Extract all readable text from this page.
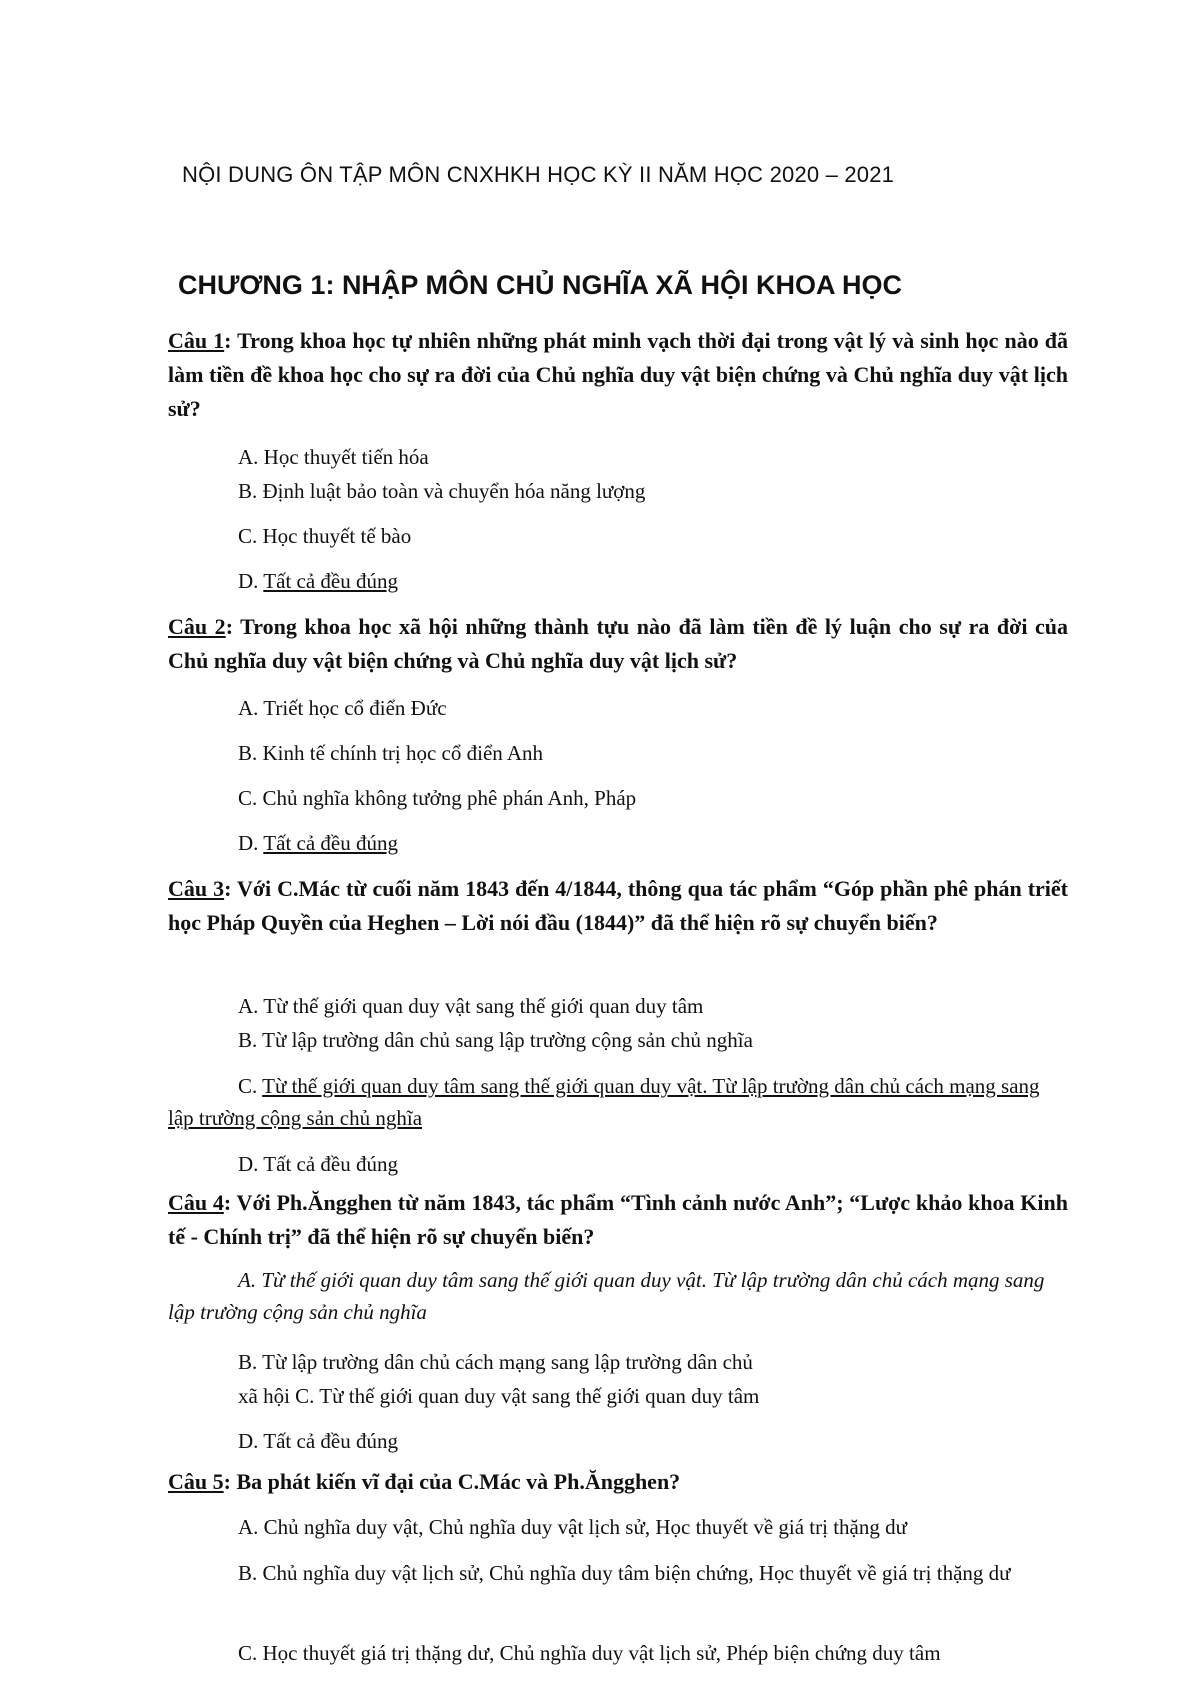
NỘI DUNG ÔN TẬP MÔN CNXHKH HỌC KỲ II NĂM HỌC 2020 – 2021
CHƯƠNG 1: NHẬP MÔN CHỦ NGHĨA XÃ HỘI KHOA HỌC
Câu 1: Trong khoa học tự nhiên những phát minh vạch thời đại trong vật lý và sinh học nào đã làm tiền đề khoa học cho sự ra đời của Chủ nghĩa duy vật biện chứng và Chủ nghĩa duy vật lịch sử?
A. Học thuyết tiến hóa
B. Định luật bảo toàn và chuyển hóa năng lượng
C. Học thuyết tế bào
D. Tất cả đều đúng
Câu 2: Trong khoa học xã hội những thành tựu nào đã làm tiền đề lý luận cho sự ra đời của Chủ nghĩa duy vật biện chứng và Chủ nghĩa duy vật lịch sử?
A. Triết học cổ điển Đức
B. Kinh tế chính trị học cổ điển Anh
C. Chủ nghĩa không tưởng phê phán Anh, Pháp
D. Tất cả đều đúng
Câu 3: Với C.Mác từ cuối năm 1843 đến 4/1844, thông qua tác phẩm “Góp phần phê phán triết học Pháp Quyền của Heghen – Lời nói đầu (1844)” đã thể hiện rõ sự chuyển biến?
A. Từ thế giới quan duy vật sang thế giới quan duy tâm
B. Từ lập trường dân chủ sang lập trường cộng sản chủ nghĩa
C. Từ thế giới quan duy tâm sang thế giới quan duy vật. Từ lập trường dân chủ cách mạng sang lập trường cộng sản chủ nghĩa
D. Tất cả đều đúng
Câu 4: Với Ph.Ăngghen từ năm 1843, tác phẩm “Tình cảnh nước Anh”; “Lược khảo khoa Kinh tế - Chính trị” đã thể hiện rõ sự chuyển biến?
A. Từ thế giới quan duy tâm sang thế giới quan duy vật. Từ lập trường dân chủ cách mạng sang lập trường cộng sản chủ nghĩa
B. Từ lập trường dân chủ cách mạng sang lập trường dân chủ
xã hội C. Từ thế giới quan duy vật sang thế giới quan duy tâm
D. Tất cả đều đúng
Câu 5: Ba phát kiến vĩ đại của C.Mác và Ph.Ăngghen?
A. Chủ nghĩa duy vật, Chủ nghĩa duy vật lịch sử, Học thuyết về giá trị thặng dư
B. Chủ nghĩa duy vật lịch sử, Chủ nghĩa duy tâm biện chứng, Học thuyết về giá trị thặng dư
C. Học thuyết giá trị thặng dư, Chủ nghĩa duy vật lịch sử, Phép biện chứng duy tâm
